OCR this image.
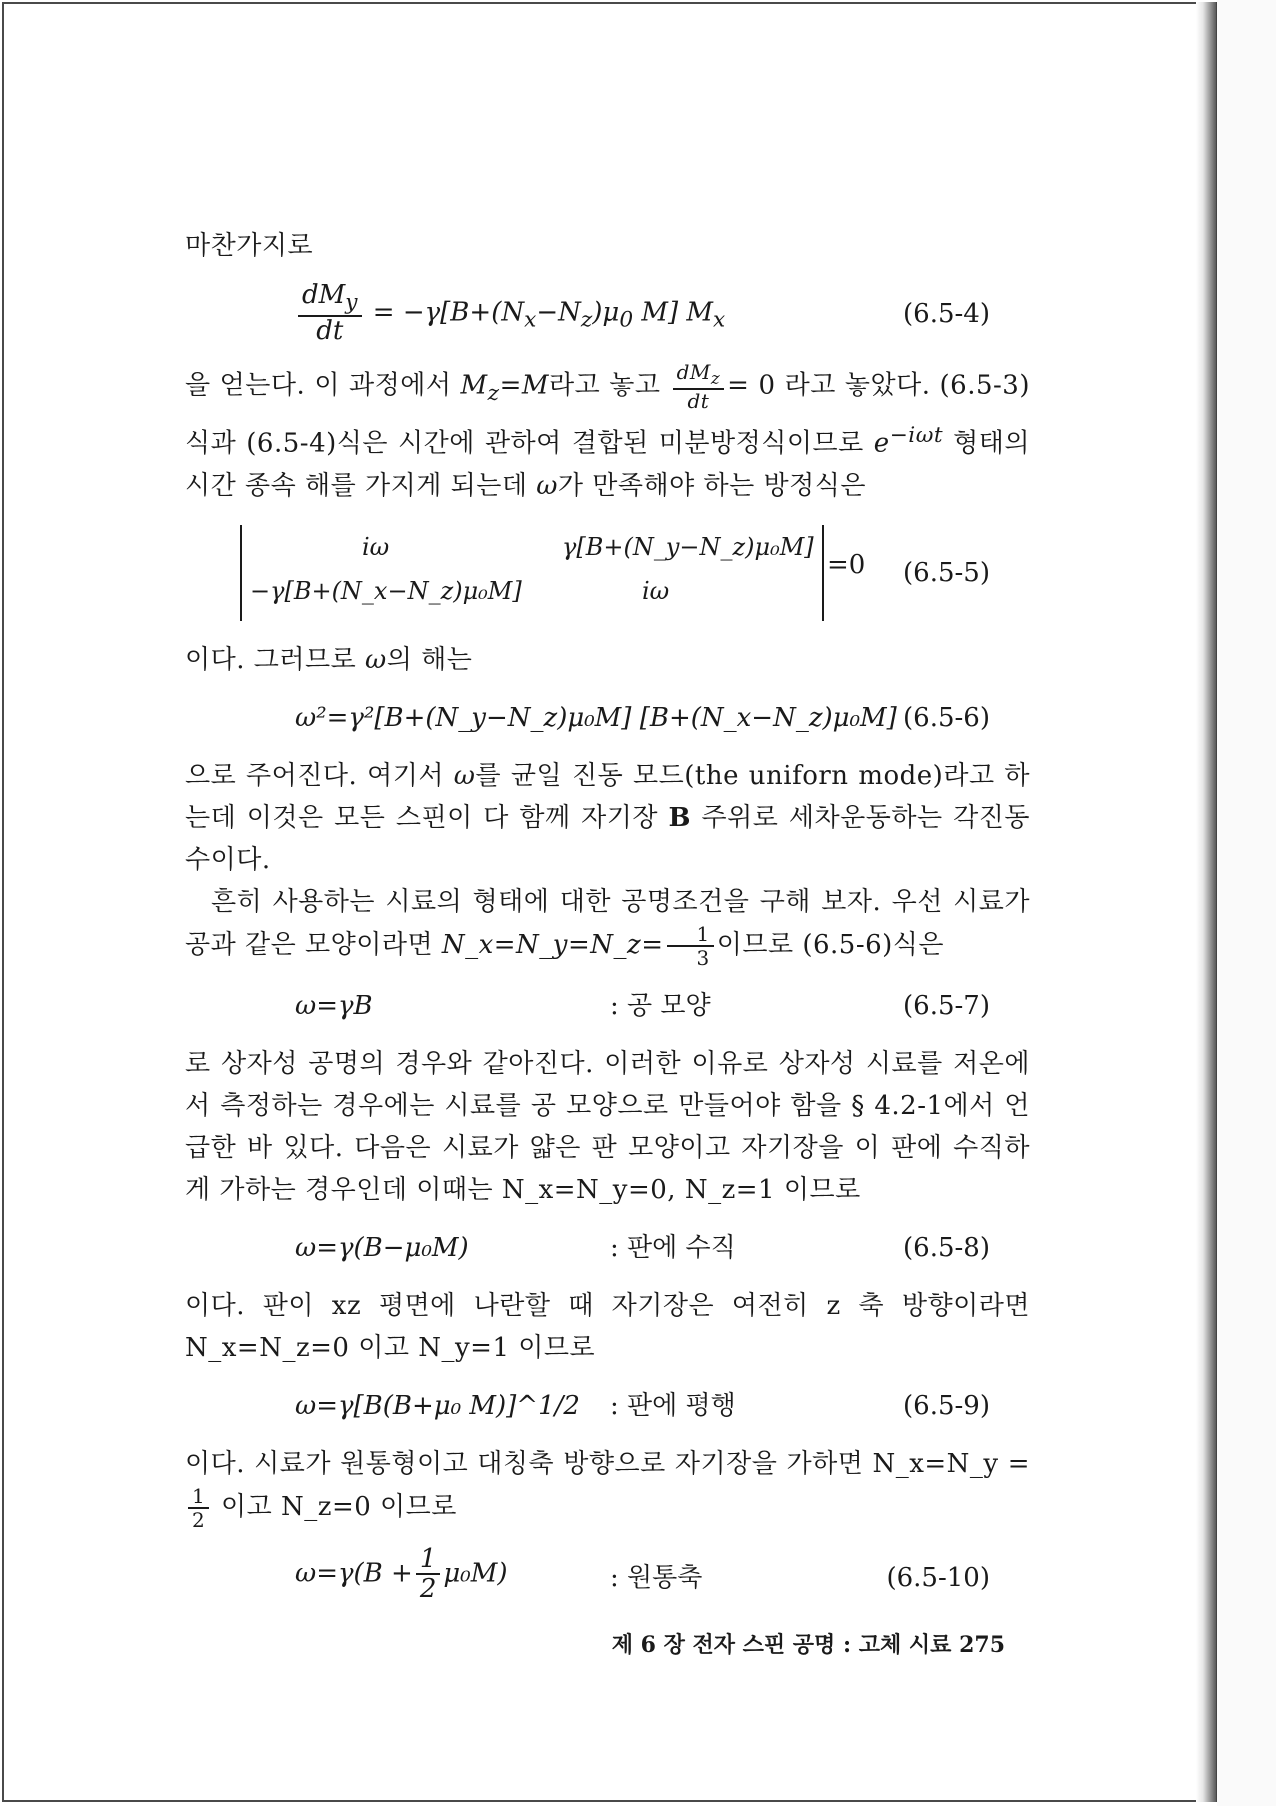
마찬가지로

$\frac{dM_y}{dt} = -\gamma[B+(N_x-N_z)\mu_0$ M] $M_x$	(6.5-4)

을 얻는다. 이 과정에서 $M_z=M$라고 놓고 $\frac{dM_z}{dt} = 0$ 라고 놓았다. (6.5-3)식과 (6.5-4)식은 시간에 관하여 결합된 미분방정식이므로 $e^{-i\omega t}$ 형태의 시간 종속 해를 가지게 되는데 ω가 만족해야 하는 방정식은

iω	γ[B+(N_y−N_z)μ₀M]
−γ[B+(N_x−N_z)μ₀M]	iω
=0 (6.5-5)

이다. 그러므로 ω의 해는

ω²=γ²[B+(N_y−N_z)μ₀M] [B+(N_x−N_z)μ₀M] (6.5-6)

으로 주어진다. 여기서 ω를 균일 진동 모드(the uniforn mode)라고 하는데 이것은 모든 스핀이 다 함께 자기장 B 주위로 세차운동하는 각진동수이다.

흔히 사용하는 시료의 형태에 대한 공명조건을 구해 보자. 우선 시료가 공과 같은 모양이라면 N_x=N_y=N_z= $\frac{1}{3}$ 이므로 (6.5-6)식은

ω=γB	: 공 모양	(6.5-7)

로 상자성 공명의 경우와 같아진다. 이러한 이유로 상자성 시료를 저온에서 측정하는 경우에는 시료를 공 모양으로 만들어야 함을 § 4.2-1에서 언급한 바 있다. 다음은 시료가 얇은 판 모양이고 자기장을 이 판에 수직하게 가하는 경우인데 이때는 N_x=N_y=0, N_z=1 이므로

ω=γ(B−μ₀M)	: 판에 수직	(6.5-8)

이다. 판이 xz 평면에 나란할 때 자기장은 여전히 z 축 방향이라면 N_x=N_z=0 이고 N_y=1 이므로

ω=γ[B(B+μ₀ M)]^1/2 : 판에 평행	(6.5-9)

이다. 시료가 원통형이고 대칭축 방향으로 자기장을 가하면 N_x=N_y =
$\frac{1}{2}$ 이고 N_z=0 이므로

$\omega=\gamma(B + \frac{1}{2} \mu_0M)$	: 원통축	(6.5-10)
제 6 장 전자 스핀 공명 : 고체 시료 275
